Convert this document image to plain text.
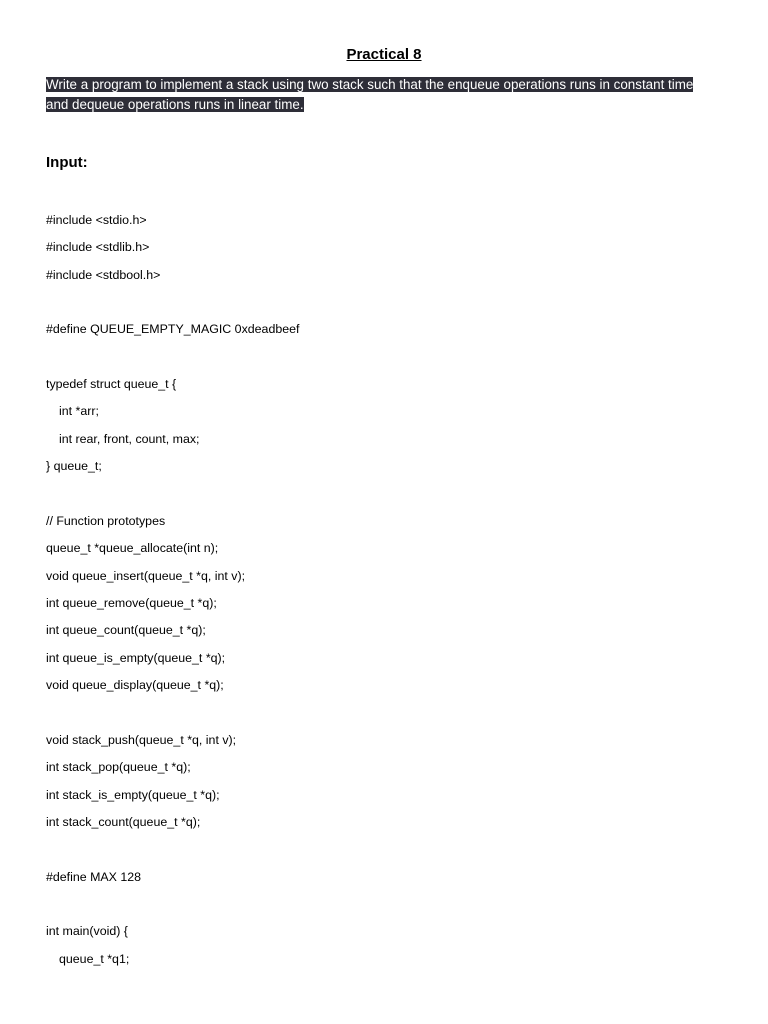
Practical 8
Write a program to implement a stack using two stack such that the enqueue operations runs in constant time and dequeue operations runs in linear time.
Input:
#include <stdio.h>
#include <stdlib.h>
#include <stdbool.h>
#define QUEUE_EMPTY_MAGIC 0xdeadbeef
typedef struct queue_t {
int *arr;
int rear, front, count, max;
} queue_t;
// Function prototypes
queue_t *queue_allocate(int n);
void queue_insert(queue_t *q, int v);
int queue_remove(queue_t *q);
int queue_count(queue_t *q);
int queue_is_empty(queue_t *q);
void queue_display(queue_t *q);
void stack_push(queue_t *q, int v);
int stack_pop(queue_t *q);
int stack_is_empty(queue_t *q);
int stack_count(queue_t *q);
#define MAX 128
int main(void) {
queue_t *q1;
